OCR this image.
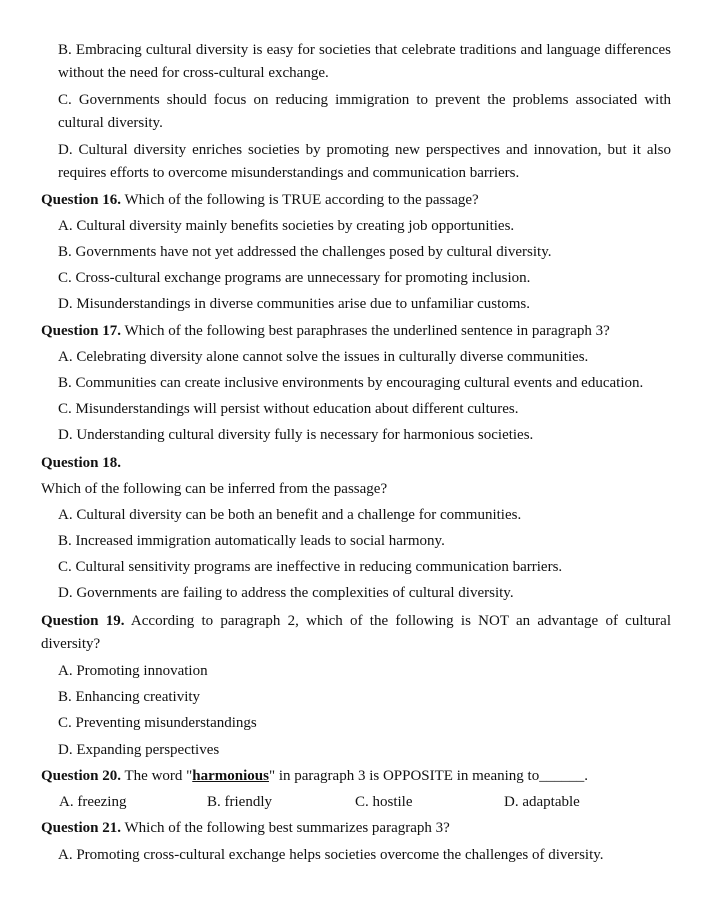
B. Embracing cultural diversity is easy for societies that celebrate traditions and language differences without the need for cross-cultural exchange.

C. Governments should focus on reducing immigration to prevent the problems associated with cultural diversity.

D. Cultural diversity enriches societies by promoting new perspectives and innovation, but it also requires efforts to overcome misunderstandings and communication barriers.

Question 16. Which of the following is TRUE according to the passage?

A. Cultural diversity mainly benefits societies by creating job opportunities.

B. Governments have not yet addressed the challenges posed by cultural diversity.

C. Cross-cultural exchange programs are unnecessary for promoting inclusion.

D. Misunderstandings in diverse communities arise due to unfamiliar customs.

Question 17. Which of the following best paraphrases the underlined sentence in paragraph 3?

A. Celebrating diversity alone cannot solve the issues in culturally diverse communities.

B. Communities can create inclusive environments by encouraging cultural events and education.

C. Misunderstandings will persist without education about different cultures.

D. Understanding cultural diversity fully is necessary for harmonious societies.

Question 18.

Which of the following can be inferred from the passage?

A. Cultural diversity can be both an benefit and a challenge for communities.

B. Increased immigration automatically leads to social harmony.

C. Cultural sensitivity programs are ineffective in reducing communication barriers.

D. Governments are failing to address the complexities of cultural diversity.

Question 19. According to paragraph 2, which of the following is NOT an advantage of cultural diversity?

A. Promoting innovation

B. Enhancing creativity

C. Preventing misunderstandings

D. Expanding perspectives

Question 20. The word "harmonious" in paragraph 3 is OPPOSITE in meaning to______.

A. freezing	B. friendly	C. hostile	D. adaptable

Question 21. Which of the following best summarizes paragraph 3?

A. Promoting cross-cultural exchange helps societies overcome the challenges of diversity.
